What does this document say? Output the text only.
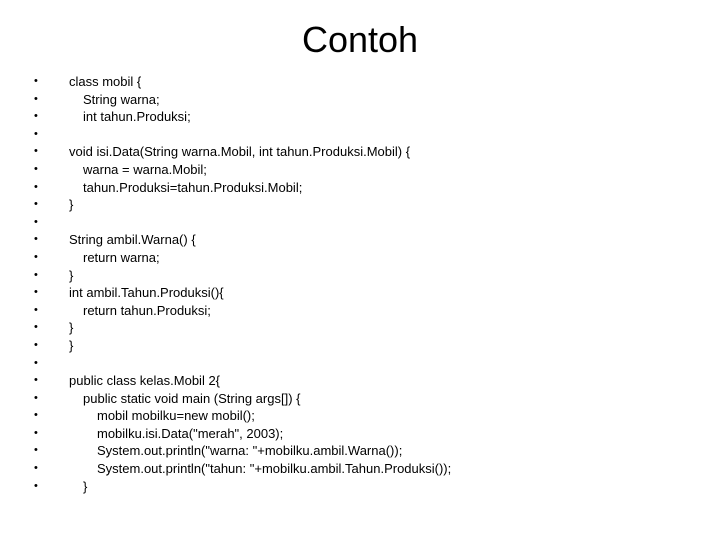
Contoh
•	class mobil {
•	String warna;
•	int tahun.Produksi;
•
•	void isi.Data(String warna.Mobil, int tahun.Produksi.Mobil) {
•	warna = warna.Mobil;
•	tahun.Produksi=tahun.Produksi.Mobil;
•	}
•
•	String ambil.Warna() {
•	return warna;
•	}
•	int ambil.Tahun.Produksi(){
•	return tahun.Produksi;
•	}
•	}
•
•	public class kelas.Mobil 2{
•	public static void main (String args[]) {
•	mobil mobilku=new mobil();
•	mobilku.isi.Data("merah", 2003);
•	System.out.println("warna: "+mobilku.ambil.Warna());
•	System.out.println("tahun: "+mobilku.ambil.Tahun.Produksi());
•	}
